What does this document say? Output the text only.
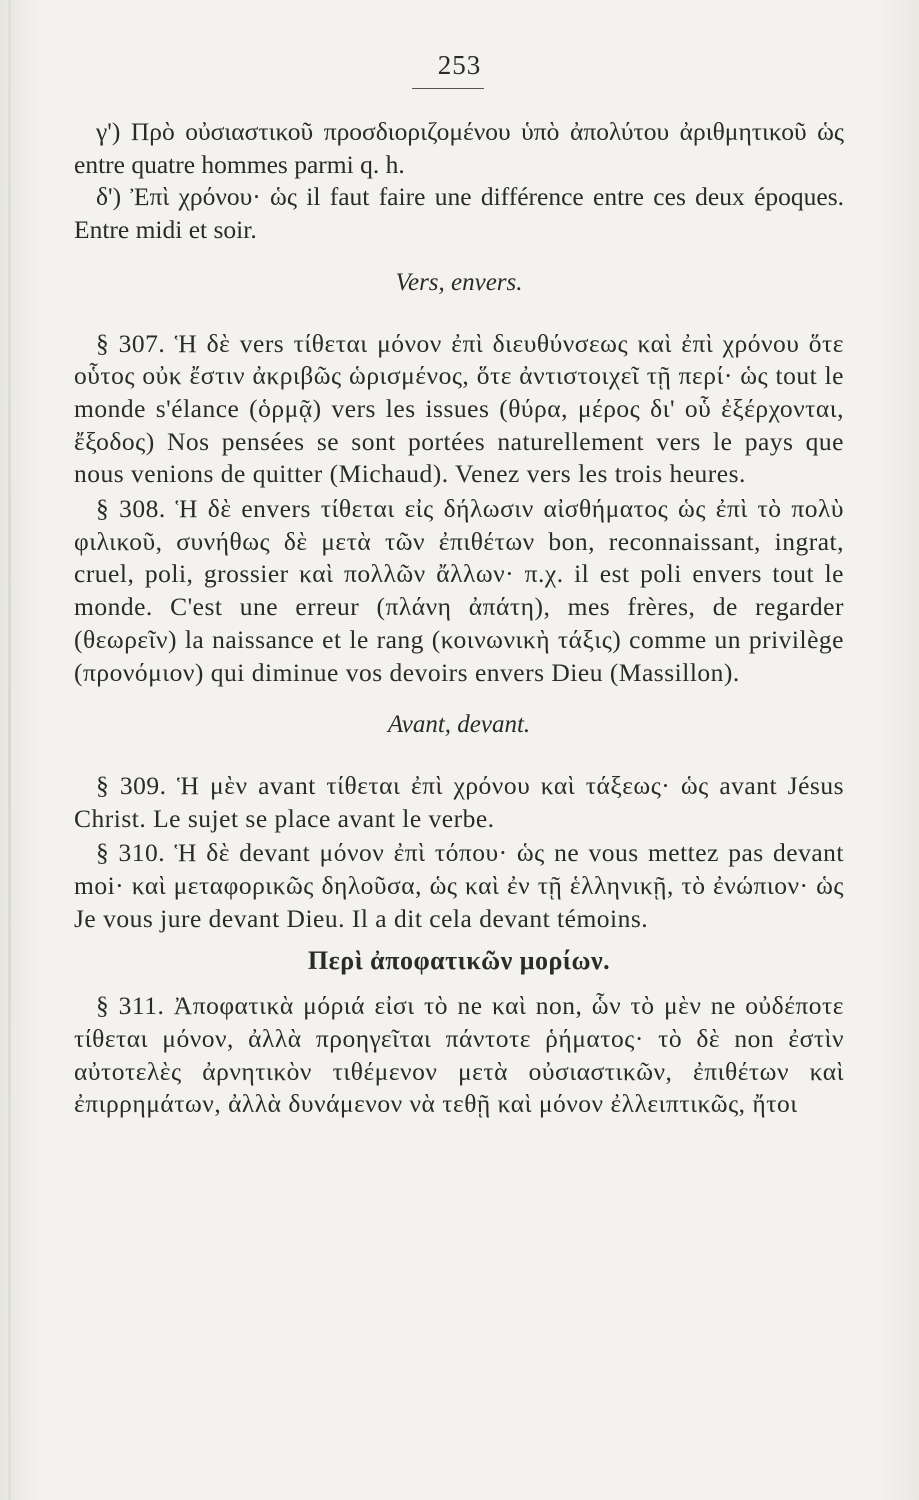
253

γ') Πρὸ οὐσιαστικοῦ προσδιοριζομένου ὑπὸ ἀπολύτου ἀριθμητικοῦ ὡς entre quatre hommes parmi q. h.

δ') Ἐπὶ χρόνου· ὡς il faut faire une différence entre ces deux époques. Entre midi et soir.

Vers, envers.

§ 307. Ἡ δὲ vers τίθεται μόνον ἐπὶ διευθύνσεως καὶ ἐπὶ χρόνου ὅτε οὗτος οὐκ ἔστιν ἀκριβῶς ὡρισμένος, ὅτε ἀντιστοιχεῖ τῇ περί· ὡς tout le monde s'élance (ὁρμᾷ) vers les issues (θύρα, μέρος δι' οὗ ἐξέρχονται, ἔξοδος) Nos pensées se sont portées naturellement vers le pays que nous venions de quitter (Michaud). Venez vers les trois heures.

§ 308. Ἡ δὲ envers τίθεται εἰς δήλωσιν αἰσθήματος ὡς ἐπὶ τὸ πολὺ φιλικοῦ, συνήθως δὲ μετὰ τῶν ἐπιθέτων bon, reconnaissant, ingrat, cruel, poli, grossier καὶ πολλῶν ἄλλων· π.χ. il est poli envers tout le monde. C'est une erreur (πλάνη ἀπάτη), mes frères, de regarder (θεωρεῖν) la naissance et le rang (κοινωνικὴ τάξις) comme un privilège (προνόμιον) qui diminue vos devoirs envers Dieu (Massillon).

Avant, devant.

§ 309. Ἡ μὲν avant τίθεται ἐπὶ χρόνου καὶ τάξεως· ὡς avant Jésus Christ. Le sujet se place avant le verbe.

§ 310. Ἡ δὲ devant μόνον ἐπὶ τόπου· ὡς ne vous mettez pas devant moi· καὶ μεταφορικῶς δηλοῦσα, ὡς καὶ ἐν τῇ ἑλληνικῇ, τὸ ἐνώπιον· ὡς Je vous jure devant Dieu. Il a dit cela devant témoins.

Περὶ ἀποφατικῶν μορίων.

§ 311. Ἀποφατικὰ μόριά εἰσι τὸ ne καὶ non, ὧν τὸ μὲν ne οὐδέποτε τίθεται μόνον, ἀλλὰ προηγεῖται πάντοτε ῥήματος· τὸ δὲ non ἐστὶν αὐτοτελὲς ἀρνητικὸν τιθέμενον μετὰ οὐσιαστικῶν, ἐπιθέτων καὶ ἐπιρρημάτων, ἀλλὰ δυνάμενον νὰ τεθῇ καὶ μόνον ἐλλειπτικῶς, ἤτοι
